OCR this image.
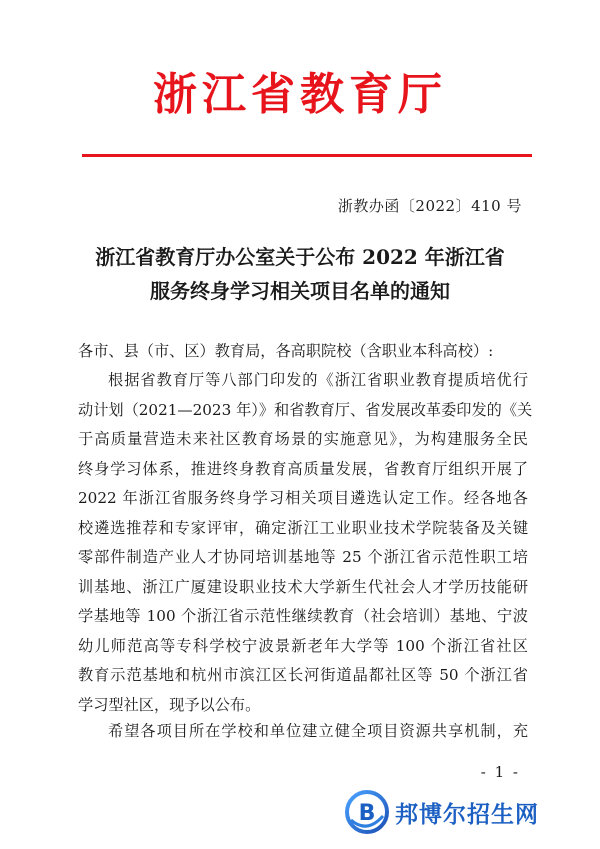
浙江省教育厅
浙教办函〔2022〕410 号
浙江省教育厅办公室关于公布 2022 年浙江省
服务终身学习相关项目名单的通知
各市、县（市、区）教育局，各高职院校（含职业本科高校）:
根据省教育厅等八部门印发的《浙江省职业教育提质培优行
动计划（2021—2023 年）》和省教育厅、省发展改革委印发的《关
于高质量营造未来社区教育场景的实施意见》，为构建服务全民
终身学习体系，推进终身教育高质量发展，省教育厅组织开展了
2022 年浙江省服务终身学习相关项目遴选认定工作。经各地各
校遴选推荐和专家评审，确定浙江工业职业技术学院装备及关键
零部件制造产业人才协同培训基地等 25 个浙江省示范性职工培
训基地、浙江广厦建设职业技术大学新生代社会人才学历技能研
学基地等 100 个浙江省示范性继续教育（社会培训）基地、宁波
幼儿师范高等专科学校宁波景新老年大学等 100 个浙江省社区
教育示范基地和杭州市滨江区长河街道晶都社区等 50 个浙江省
学习型社区，现予以公布。
希望各项目所在学校和单位建立健全项目资源共享机制，充
- 1 -
B 邦博尔招生网
